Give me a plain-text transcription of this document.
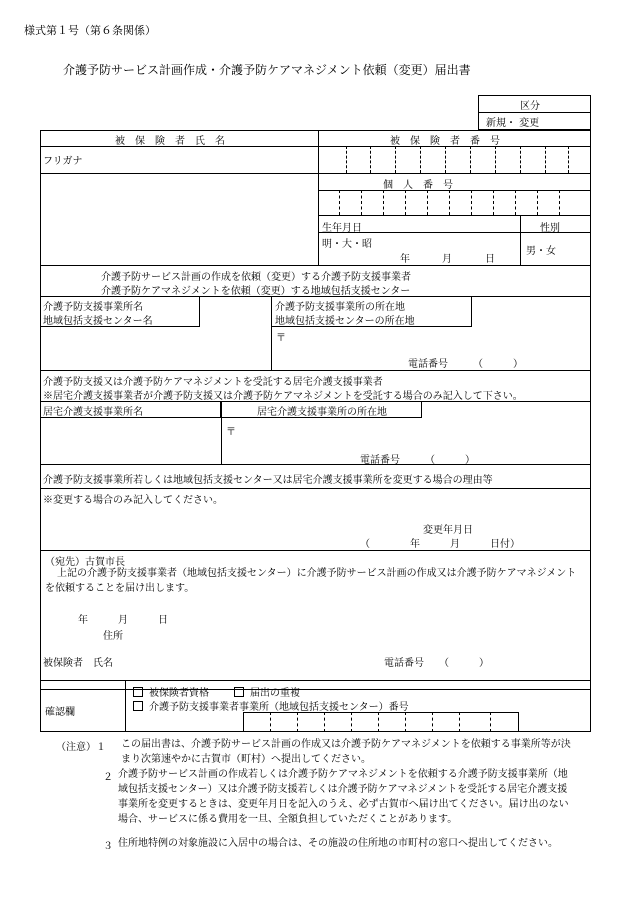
様式第１号（第６条関係）
介護予防サービス計画作成・介護予防ケアマネジメント依頼（変更）届出書
区分
新規・ 変更
被　保　険　者　氏　名	被　保　険　者　番　号
フリガナ
個　人　番　号
生年月日	性別
明・大・昭
年	月	日
男・女
介護予防サービス計画の作成を依頼（変更）する介護予防支援事業者
介護予防ケアマネジメントを依頼（変更）する地域包括支援センター
介護予防支援事業所名
地域包括支援センター名
介護予防支援事業所の所在地
地域包括支援センターの所在地
〒
電話番号　　　（　　　）
介護予防支援又は介護予防ケアマネジメントを受託する居宅介護支援事業者
※居宅介護支援事業者が介護予防支援又は介護予防ケアマネジメントを受託する場合のみ記入して下さい。
居宅介護支援事業所名	居宅介護支援事業所の所在地
〒
電話番号　　　（　　　）
介護予防支援事業所若しくは地域包括支援センター又は居宅介護支援事業所を変更する場合の理由等
※変更する場合のみ記入してください。
変更年月日
（　　　　年　　　月　　　日付）
（宛先）古賀市長
上記の介護予防支援事業者（地域包括支援センター）に介護予防サービス計画の作成又は介護予防ケアマネジメントを依頼することを届け出します。
年　　　月　　　日
住所
被保険者　氏名	電話番号　　（　　　）
確認欄
被保険者資格	届出の重複
介護予防支援事業者事業所（地域包括支援センター）番号
（注意）１ この届出書は、介護予防サービス計画の作成又は介護予防ケアマネジメントを依頼する事業所等が決まり次第速やかに古賀市（町村）へ提出してください。
２ 介護予防サービス計画の作成若しくは介護予防ケアマネジメントを依頼する介護予防支援事業所（地域包括支援センター）又は介護予防支援若しくは介護予防ケアマネジメントを受託する居宅介護支援事業所を変更するときは、変更年月日を記入のうえ、必ず古賀市へ届け出てください。届け出のない場合、サービスに係る費用を一旦、全額負担していただくことがあります。
３ 住所地特例の対象施設に入居中の場合は、その施設の住所地の市町村の窓口へ提出してください。
